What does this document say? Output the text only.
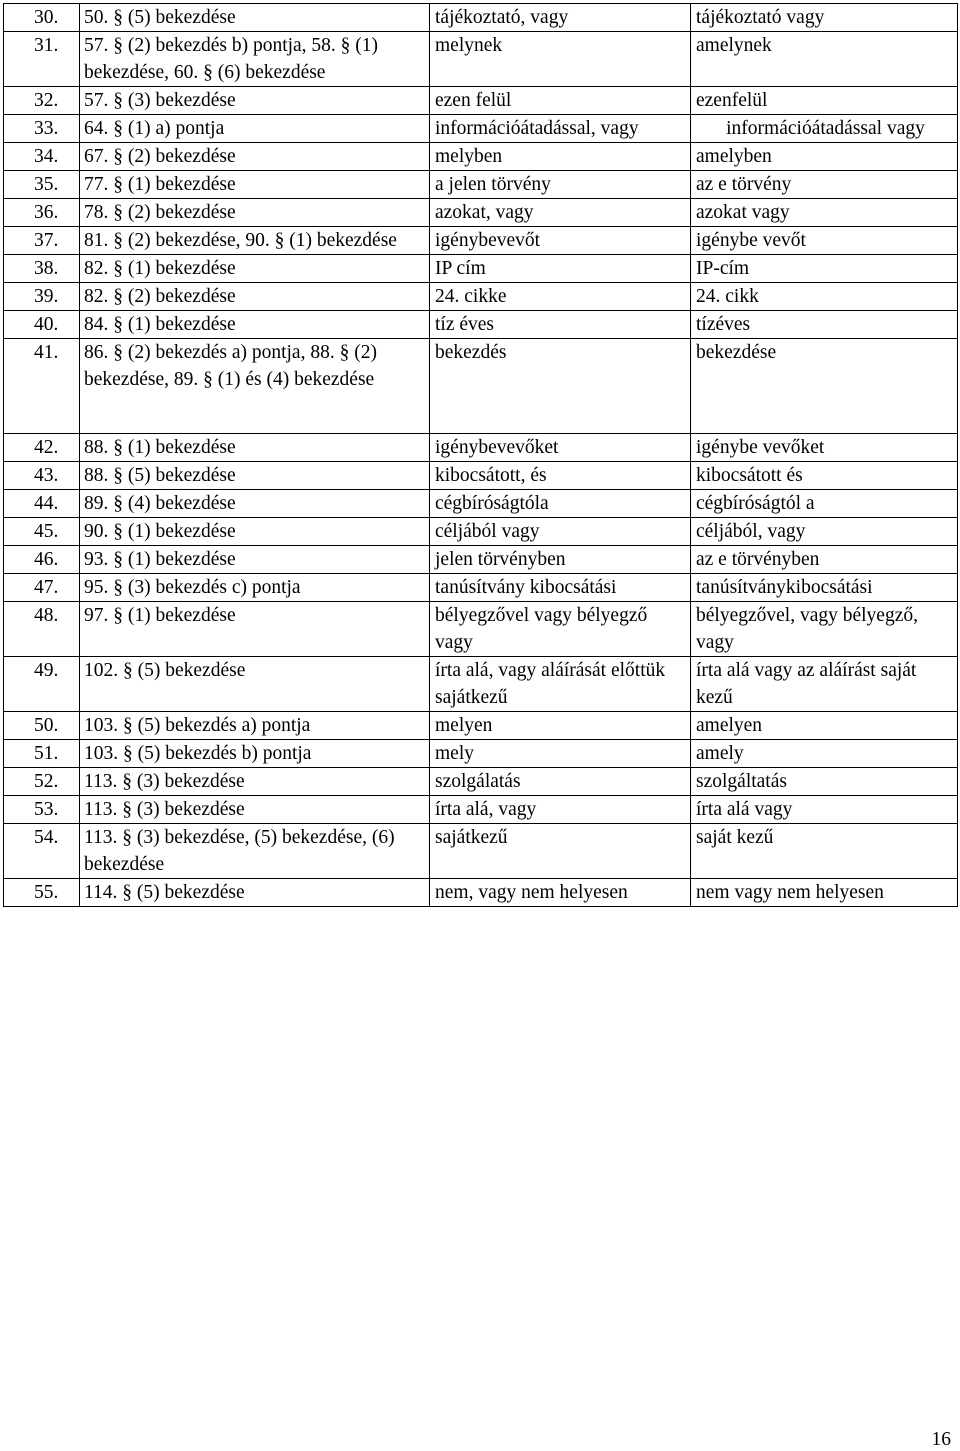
30.	50. § (5) bekezdése	tájékoztató, vagy	tájékoztató vagy
31.	57. § (2) bekezdés b) pontja, 58. § (1) bekezdése, 60. § (6) bekezdése	melynek	amelynek
32.	57. § (3) bekezdése	ezen felül	ezenfelül
33.	64. § (1) a) pontja	információátadással, vagy	információátadással vagy
34.	67. § (2) bekezdése	melyben	amelyben
35.	77. § (1) bekezdése	a jelen törvény	az e törvény
36.	78. § (2) bekezdése	azokat, vagy	azokat vagy
37.	81. § (2) bekezdése, 90. § (1) bekezdése	igénybevevőt	igénybe vevőt
38.	82. § (1) bekezdése	IP cím	IP-cím
39.	82. § (2) bekezdése	24. cikke	24. cikk
40.	84. § (1) bekezdése	tíz éves	tízéves
41.	86. § (2) bekezdés a) pontja, 88. § (2) bekezdése, 89. § (1) és (4) bekezdése	bekezdés	bekezdése
42.	88. § (1) bekezdése	igénybevevőket	igénybe vevőket
43.	88. § (5) bekezdése	kibocsátott, és	kibocsátott és
44.	89. § (4) bekezdése	cégbíróságtóla	cégbíróságtól a
45.	90. § (1) bekezdése	céljából vagy	céljából, vagy
46.	93. § (1) bekezdése	jelen törvényben	az e törvényben
47.	95. § (3) bekezdés c) pontja	tanúsítvány kibocsátási	tanúsítványkibocsátási
48.	97. § (1) bekezdése	bélyegzővel vagy bélyegző vagy	bélyegzővel, vagy bélyegző, vagy
49.	102. § (5) bekezdése	írta alá, vagy aláírását előttük sajátkezű	írta alá vagy az aláírást saját kezű
50.	103. § (5) bekezdés a) pontja	melyen	amelyen
51.	103. § (5) bekezdés b) pontja	mely	amely
52.	113. § (3) bekezdése	szolgálatás	szolgáltatás
53.	113. § (3) bekezdése	írta alá, vagy	írta alá vagy
54.	113. § (3) bekezdése, (5) bekezdése, (6) bekezdése	sajátkezű	saját kezű
55.	114. § (5) bekezdése	nem, vagy nem helyesen	nem vagy nem helyesen
16
